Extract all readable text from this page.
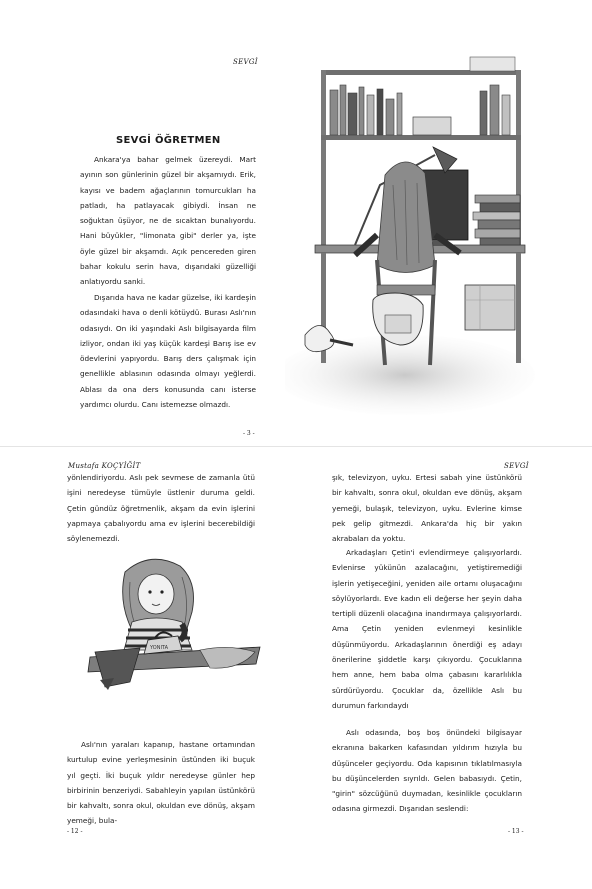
SEVGİ
SEVGİ ÖĞRETMEN

Ankara'ya bahar gelmek üzereydi. Mart ayının son günlerinin güzel bir akşamıydı. Erik, kayısı ve badem ağaçlarının tomurcukları ha patladı, ha patlayacak gibiydi. İnsan ne soğuktan üşüyor, ne de sıcaktan bunalıyordu. Hani büyükler, "limonata gibi" derler ya, işte öyle güzel bir akşamdı. Açık pencereden giren bahar kokulu serin hava, dışarıdaki güzelliği anlatıyordu sanki.

Dışarıda hava ne kadar güzelse, iki kardeşin odasındaki hava o denli kötüydü. Burası Aslı'nın odasıydı. On iki yaşındaki Aslı bilgisayarda film izliyor, ondan iki yaş küçük kardeşi Barış ise ev ödevlerini yapıyordu. Barış ders çalışmak için genellikle ablasının odasında olmayı yeğlerdi. Ablası da ona ders konusunda canı isterse yardımcı olurdu. Canı istemezse olmazdı.

- 3 -
Mustafa KOÇYİĞİT

yönlendiriyordu. Aslı pek sevmese de zamanla ütü işini neredeyse tümüyle üstlenir duruma geldi. Çetin gündüz öğretmenlik, akşam da evin işlerini yapmaya çabalıyordu ama ev işlerini becerebildiği söylenemezdi.

YONITA

Aslı'nın yaraları kapanıp, hastane ortamından kurtulup evine yerleşmesinin üstünden iki buçuk yıl geçti. İki buçuk yıldır neredeyse günler hep birbirinin benzeriydi. Sabahleyin yapılan üstünkörü bir kahvaltı, sonra okul, okuldan eve dönüş, akşam yemeği, bula-

- 12 -
SEVGİ

şık, televizyon, uyku. Ertesi sabah yine üstünkörü bir kahvaltı, sonra okul, okuldan eve dönüş, akşam yemeği, bulaşık, televizyon, uyku. Evlerine kimse pek gelip gitmezdi. Ankara'da hiç bir yakın akrabaları da yoktu.

Arkadaşları Çetin'i evlendirmeye çalışıyorlardı. Evlenirse yükünün azalacağını, yetiştiremediği işlerin yetişeceğini, yeniden aile ortamı oluşacağını söylüyorlardı. Eve kadın eli değerse her şeyin daha tertipli düzenli olacağına inandırmaya çalışıyorlardı. Ama Çetin yeniden evlenmeyi kesinlikle düşünmüyordu. Arkadaşlarının önerdiği eş adayı önerilerine şiddetle karşı çıkıyordu. Çocuklarına hem anne, hem baba olma çabasını kararlılıkla sürdürüyordu. Çocuklar da, özellikle Aslı bu durumun farkındaydı

Aslı odasında, boş boş önündeki bilgisayar ekranına bakarken kafasından yıldırım hızıyla bu düşünceler geçiyordu. Oda kapısının tıklatılmasıyla bu düşüncelerden sıyrıldı. Gelen babasıydı. Çetin, "girin" sözcüğünü duymadan, kesinlikle çocukların odasına girmezdi. Dışarıdan seslendi:

- 13 -
